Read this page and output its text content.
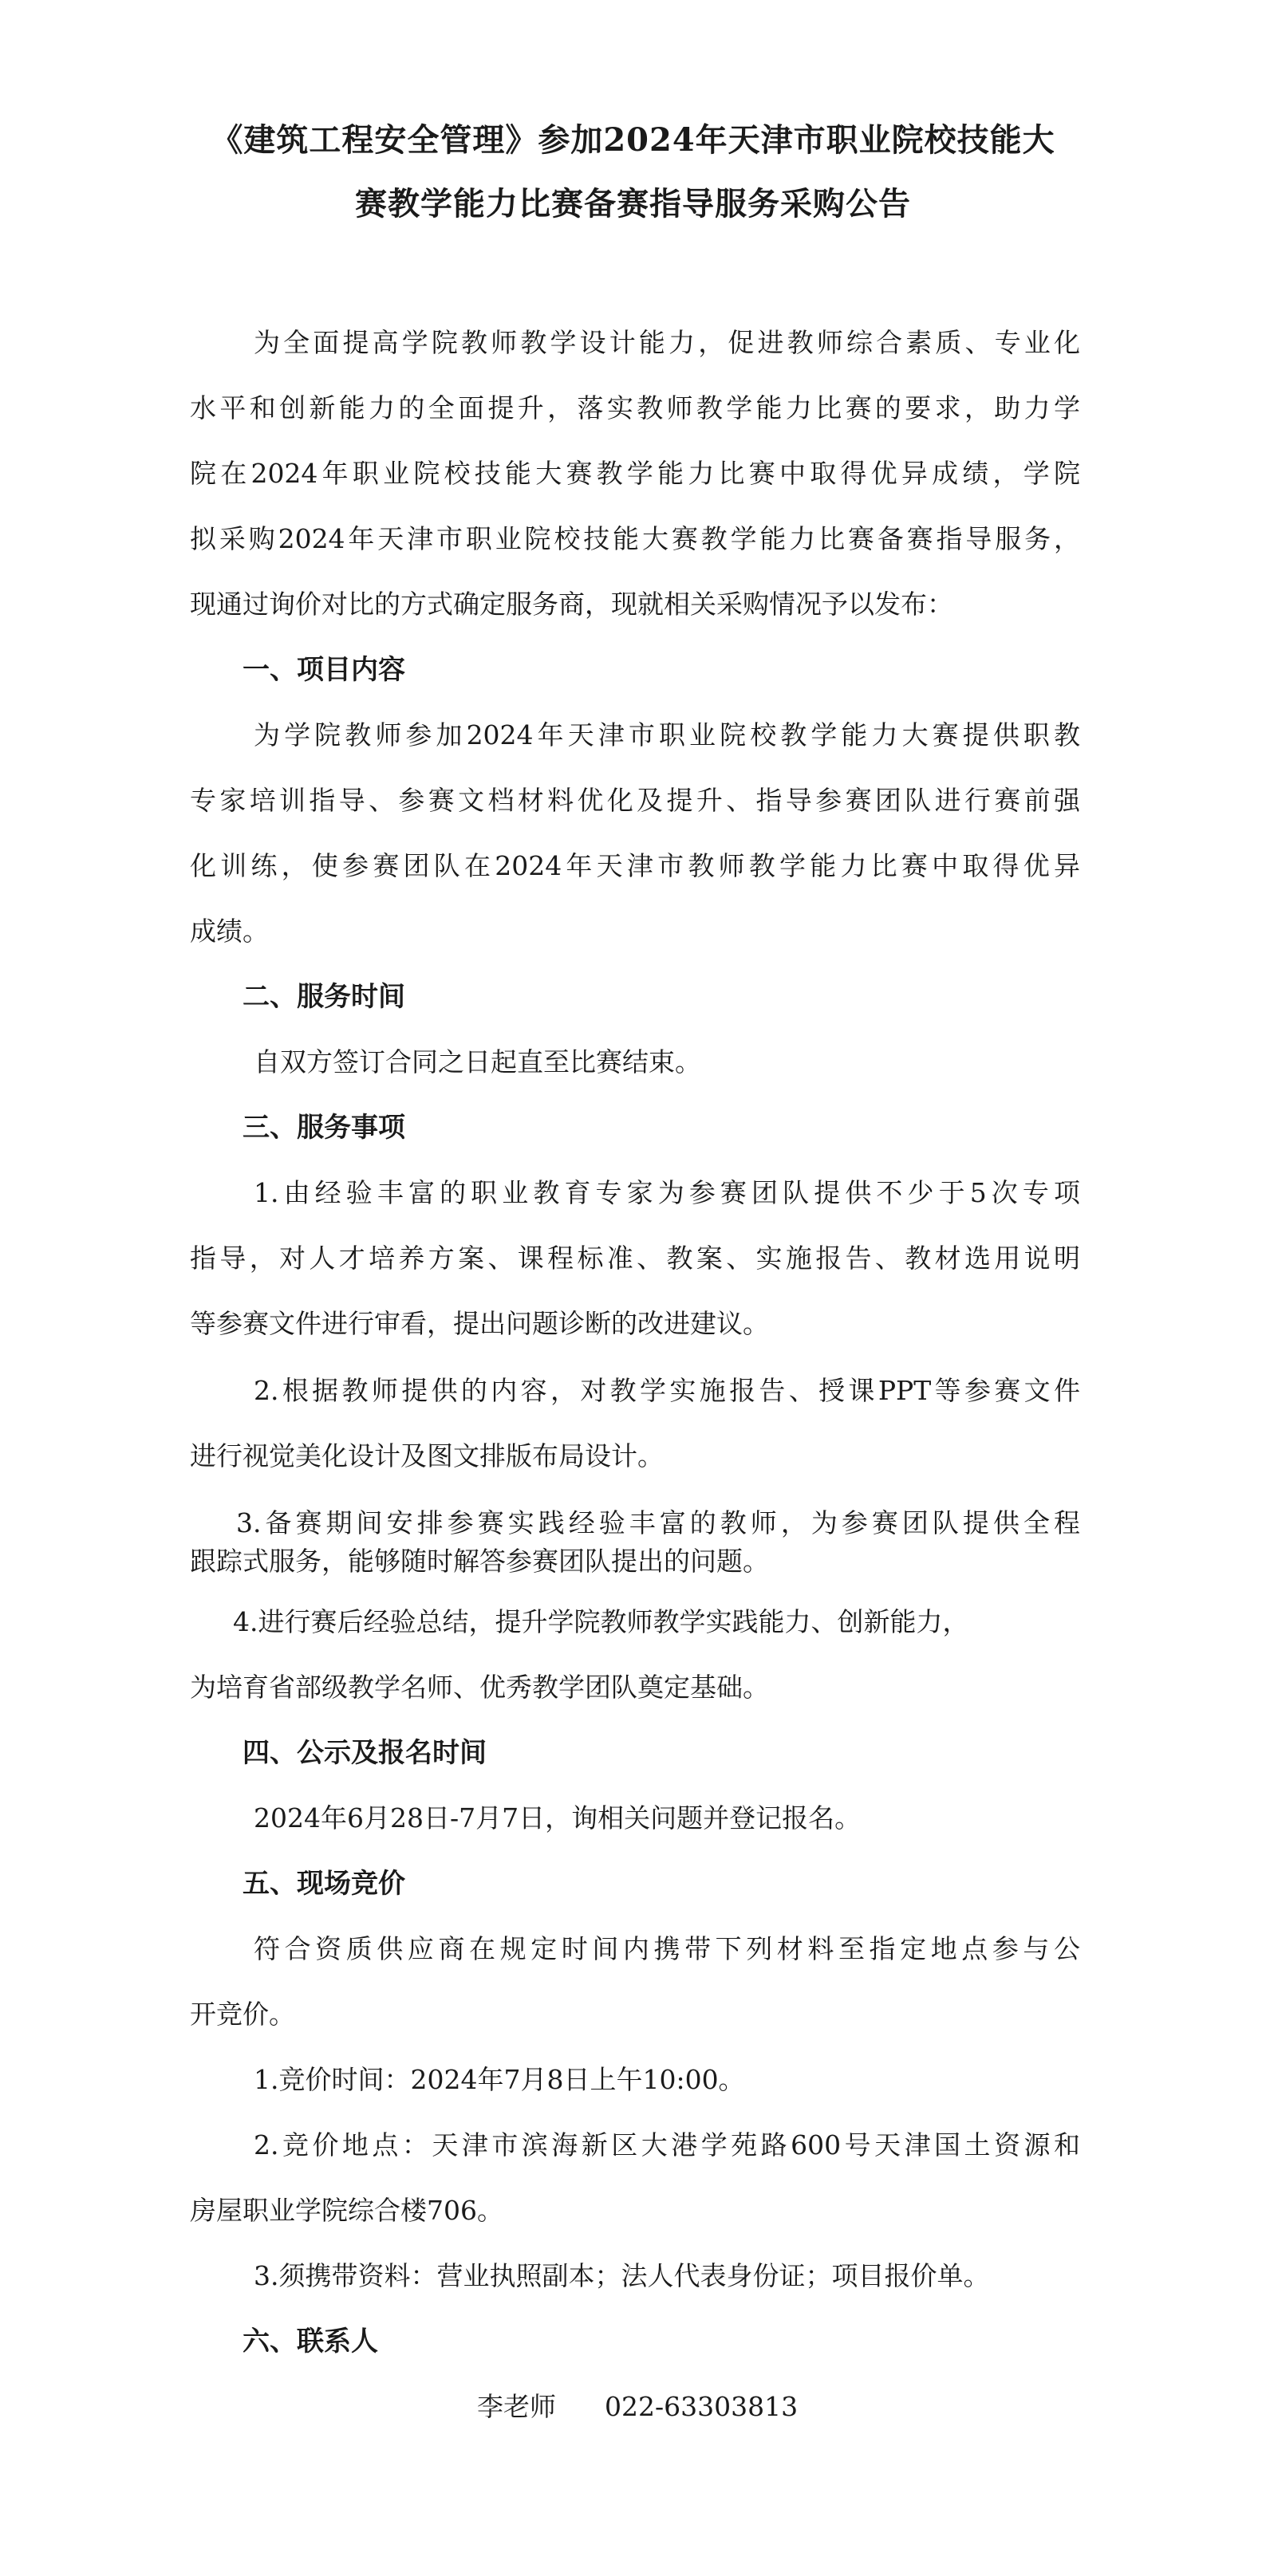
《建筑工程安全管理》参加2024年天津市职业院校技能大
赛教学能力比赛备赛指导服务采购公告
为全面提高学院教师教学设计能力，促进教师综合素质、专业化
水平和创新能力的全面提升，落实教师教学能力比赛的要求，助力学
院在2024年职业院校技能大赛教学能力比赛中取得优异成绩，学院
拟采购2024年天津市职业院校技能大赛教学能力比赛备赛指导服务，
现通过询价对比的方式确定服务商，现就相关采购情况予以发布：
一、项目内容
为学院教师参加2024年天津市职业院校教学能力大赛提供职教
专家培训指导、参赛文档材料优化及提升、指导参赛团队进行赛前强
化训练，使参赛团队在2024年天津市教师教学能力比赛中取得优异
成绩。
二、服务时间
自双方签订合同之日起直至比赛结束。
三、服务事项
1.由经验丰富的职业教育专家为参赛团队提供不少于5次专项
指导，对人才培养方案、课程标准、教案、实施报告、教材选用说明
等参赛文件进行审看，提出问题诊断的改进建议。
2.根据教师提供的内容，对教学实施报告、授课PPT等参赛文件
进行视觉美化设计及图文排版布局设计。
3.备赛期间安排参赛实践经验丰富的教师，为参赛团队提供全程
跟踪式服务，能够随时解答参赛团队提出的问题。
4.进行赛后经验总结，提升学院教师教学实践能力、创新能力，
为培育省部级教学名师、优秀教学团队奠定基础。
四、公示及报名时间
2024年6月28日-7月7日，询相关问题并登记报名。
五、现场竞价
符合资质供应商在规定时间内携带下列材料至指定地点参与公
开竞价。
1.竞价时间：2024年7月8日上午10:00。
2.竞价地点：天津市滨海新区大港学苑路600号天津国土资源和
房屋职业学院综合楼706。
3.须携带资料：营业执照副本；法人代表身份证；项目报价单。
六、联系人
李老师 022-63303813
